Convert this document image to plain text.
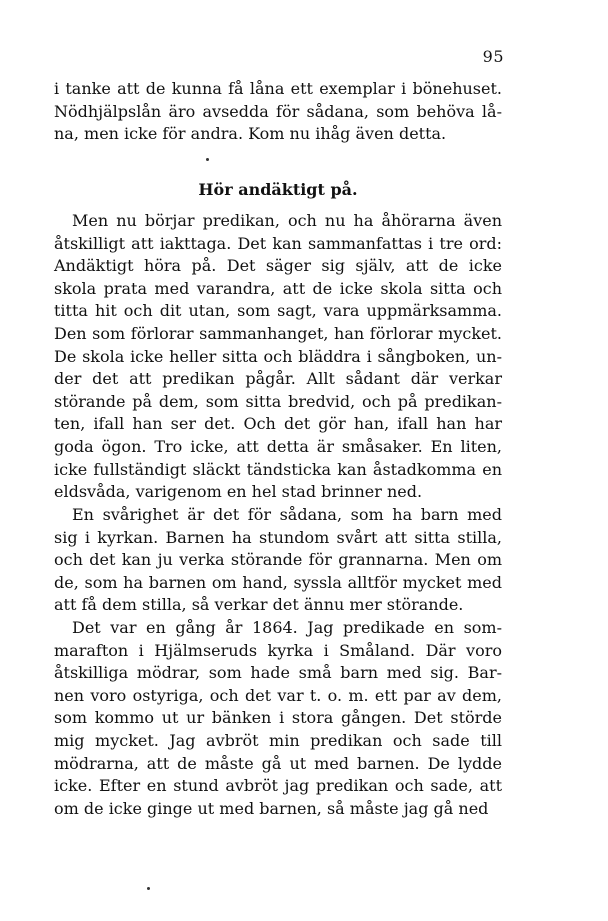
95
i tanke att de kunna få låna ett exemplar i bönehuset.
Nödhjälpslån äro avsedda för sådana, som behöva lå-
na, men icke för andra. Kom nu ihåg även detta.
Hör andäktigt på.
Men nu börjar predikan, och nu ha åhörarna även
åtskilligt att iakttaga. Det kan sammanfattas i tre ord:
Andäktigt höra på. Det säger sig själv, att de icke
skola prata med varandra, att de icke skola sitta och
titta hit och dit utan, som sagt, vara uppmärksamma.
Den som förlorar sammanhanget, han förlorar mycket.
De skola icke heller sitta och bläddra i sångboken, un-
der det att predikan pågår. Allt sådant där verkar
störande på dem, som sitta bredvid, och på predikan-
ten, ifall han ser det. Och det gör han, ifall han har
goda ögon. Tro icke, att detta är småsaker. En liten,
icke fullständigt släckt tändsticka kan åstadkomma en
eldsvåda, varigenom en hel stad brinner ned.
En svårighet är det för sådana, som ha barn med
sig i kyrkan. Barnen ha stundom svårt att sitta stilla,
och det kan ju verka störande för grannarna. Men om
de, som ha barnen om hand, syssla alltför mycket med
att få dem stilla, så verkar det ännu mer störande.
Det var en gång år 1864. Jag predikade en som-
marafton i Hjälmseruds kyrka i Småland. Där voro
åtskilliga mödrar, som hade små barn med sig. Bar-
nen voro ostyriga, och det var t. o. m. ett par av dem,
som kommo ut ur bänken i stora gången. Det störde
mig mycket. Jag avbröt min predikan och sade till
mödrarna, att de måste gå ut med barnen. De lydde
icke. Efter en stund avbröt jag predikan och sade, att
om de icke ginge ut med barnen, så måste jag gå ned
